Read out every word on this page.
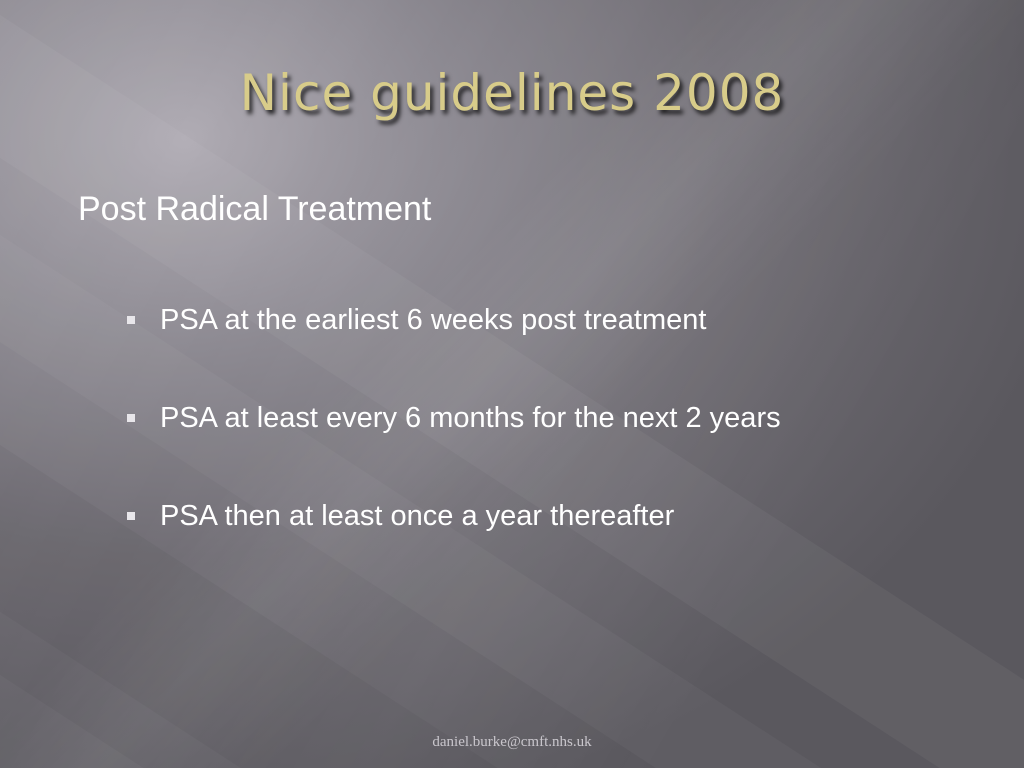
Nice guidelines 2008
Post Radical Treatment
PSA at the earliest 6 weeks post treatment
PSA at least every 6 months for the next 2 years
PSA then at least once a year thereafter
daniel.burke@cmft.nhs.uk
